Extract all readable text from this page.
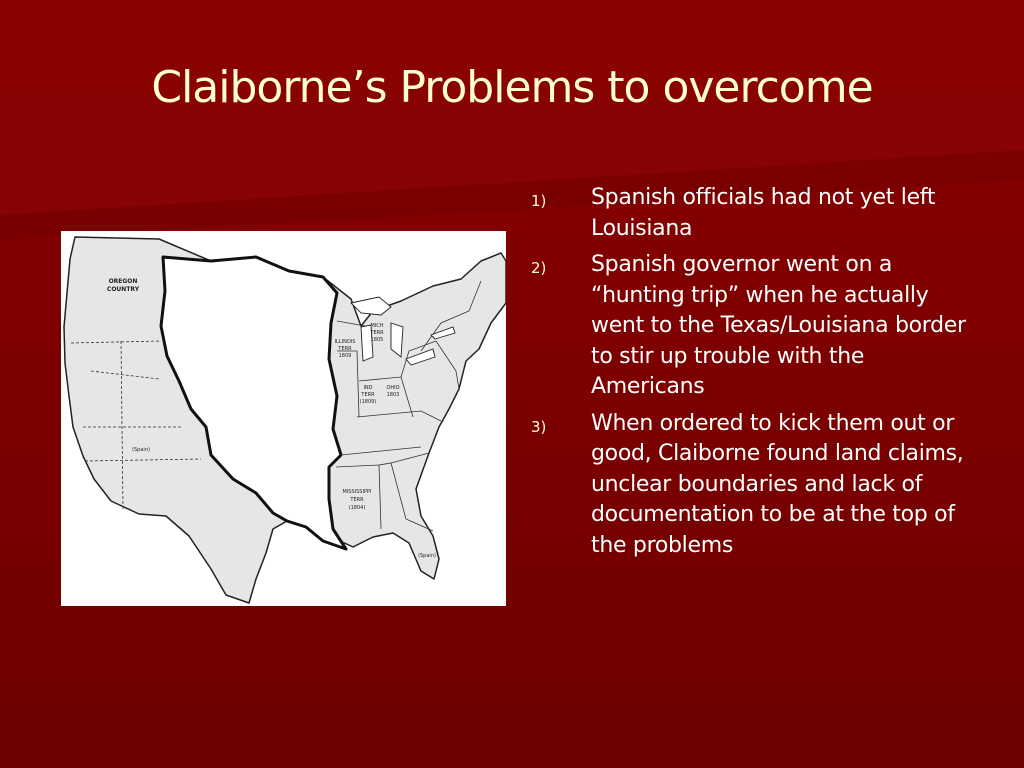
Claiborne’s Problems to overcome
OREGON
COUNTRY
(Spain)
MICH
TERR
1805
ILLINOIS
TERR
1809
IND
TERR
(1809)
OHIO
1803
MISSISSIPPI
TERR
(1804)
(Spain)
1) Spanish officials had not yet left Louisiana
2) Spanish governor went on a “hunting trip” when he actually went to the Texas/Louisiana border to stir up trouble with the Americans
3) When ordered to kick them out or good, Claiborne found land claims, unclear boundaries and lack of documentation to be at the top of the problems
